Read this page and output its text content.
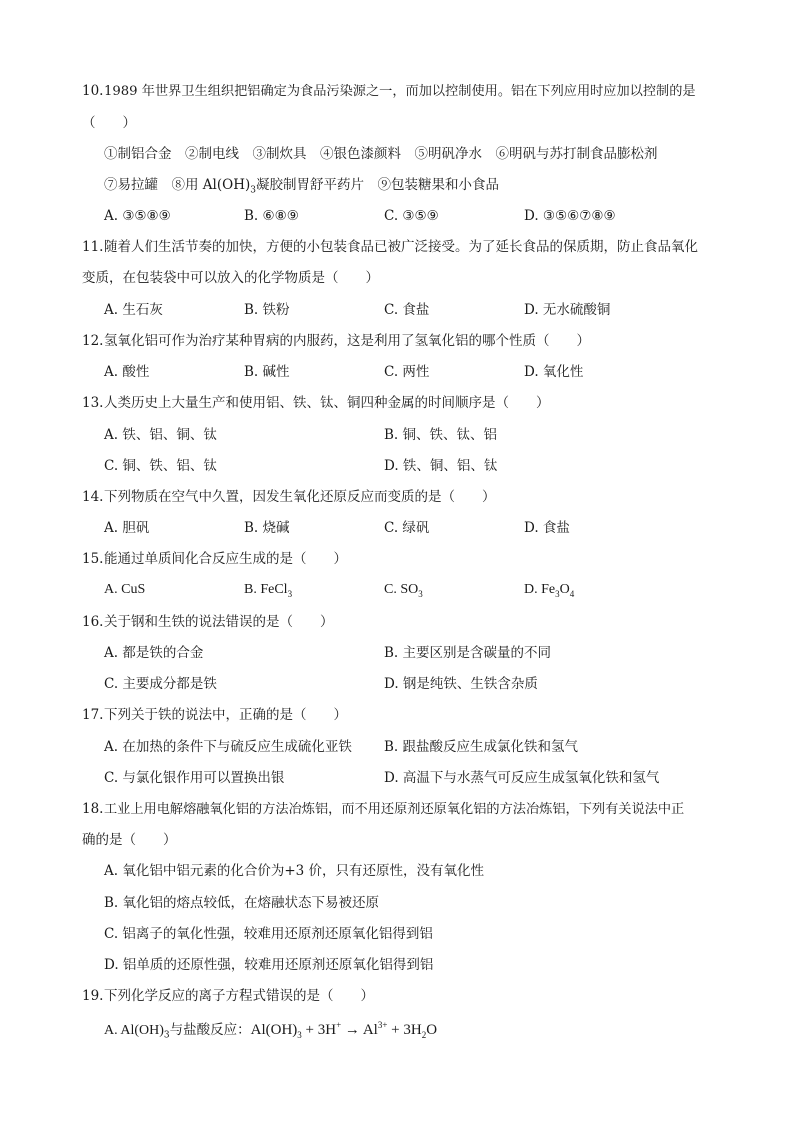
10.1989 年世界卫生组织把铝确定为食品污染源之一，而加以控制使用。铝在下列应用时应加以控制的是
（　　）
①制铝合金　②制电线　③制炊具　④银色漆颜料　⑤明矾净水　⑥明矾与苏打制食品膨松剂
⑦易拉罐　⑧用 $Al(OH)_3$凝胶制胃舒平药片　⑨包装糖果和小食品
A. ③⑤⑧⑨	B. ⑥⑧⑨	C. ③⑤⑨	D. ③⑤⑥⑦⑧⑨
11.随着人们生活节奏的加快，方便的小包装食品已被广泛接受。为了延长食品的保质期，防止食品氧化
变质，在包装袋中可以放入的化学物质是（　　）
A. 生石灰	B. 铁粉	C. 食盐	D. 无水硫酸铜
12.氢氧化铝可作为治疗某种胃病的内服药，这是利用了氢氧化铝的哪个性质（　　）
A. 酸性	B. 碱性	C. 两性	D. 氧化性
13.人类历史上大量生产和使用铝、铁、钛、铜四种金属的时间顺序是（　　）
A. 铁、铝、铜、钛	B. 铜、铁、钛、铝
C. 铜、铁、铝、钛	D. 铁、铜、铝、钛
14.下列物质在空气中久置，因发生氧化还原反应而变质的是（　　）
A. 胆矾	B. 烧碱	C. 绿矾	D. 食盐
15.能通过单质间化合反应生成的是（　　）
A. CuS	B. FeCl$_3$	C. $SO_3$	D. $Fe_3O_4$
16.关于钢和生铁的说法错误的是（　　）
A. 都是铁的合金	B. 主要区别是含碳量的不同
C. 主要成分都是铁	D. 钢是纯铁、生铁含杂质
17.下列关于铁的说法中，正确的是（　　）
A. 在加热的条件下与硫反应生成硫化亚铁 B. 跟盐酸反应生成氯化铁和氢气
C. 与氯化银作用可以置换出银	D. 高温下与水蒸气可反应生成氢氧化铁和氢气
18.工业上用电解熔融氧化铝的方法冶炼铝，而不用还原剂还原氧化铝的方法冶炼铝，下列有关说法中正
确的是（　　）
A. 氧化铝中铝元素的化合价为+3 价，只有还原性，没有氧化性
B. 氧化铝的熔点较低，在熔融状态下易被还原
C. 铝离子的氧化性强，较难用还原剂还原氧化铝得到铝
D. 铝单质的还原性强，较难用还原剂还原氧化铝得到铝
19.下列化学反应的离子方程式错误的是（　　）
A. $Al(OH)_3$与盐酸反应：$Al(OH)_3 + 3H^+ \to Al^{3+} + 3H_2O$
